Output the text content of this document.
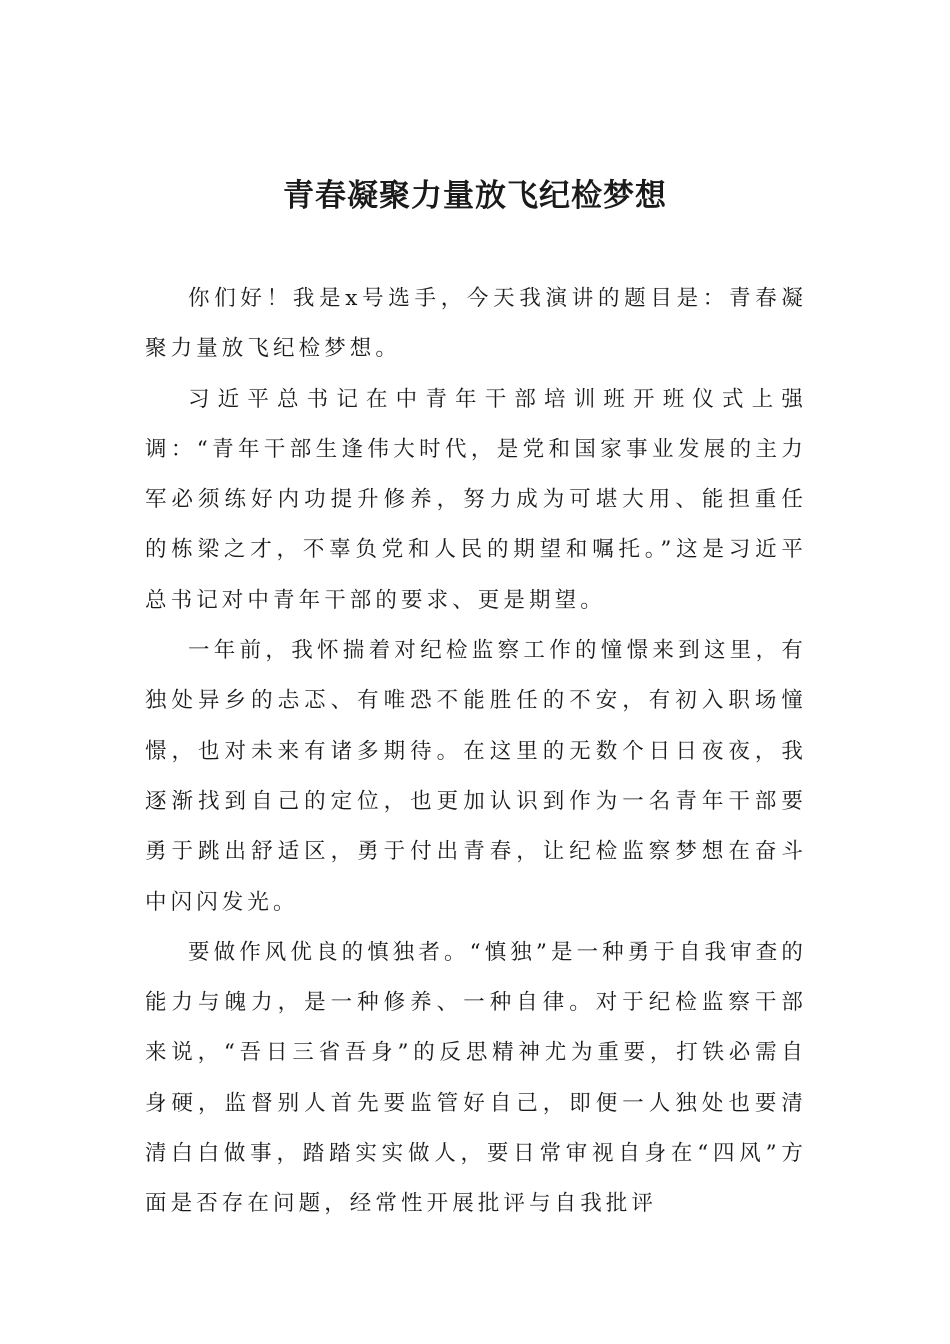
青春凝聚力量放飞纪检梦想

你们好！我是x号选手，今天我演讲的题目是：青春凝聚力量放飞纪检梦想。

习近平总书记在中青年干部培训班开班仪式上强调：“青年干部生逢伟大时代，是党和国家事业发展的主力军必须练好内功提升修养，努力成为可堪大用、能担重任的栋梁之才，不辜负党和人民的期望和嘱托。”这是习近平总书记对中青年干部的要求、更是期望。

一年前，我怀揣着对纪检监察工作的憧憬来到这里，有独处异乡的忐忑、有唯恐不能胜任的不安，有初入职场憧憬，也对未来有诸多期待。在这里的无数个日日夜夜，我逐渐找到自己的定位，也更加认识到作为一名青年干部要勇于跳出舒适区，勇于付出青春，让纪检监察梦想在奋斗中闪闪发光。

要做作风优良的慎独者。“慎独”是一种勇于自我审查的能力与魄力，是一种修养、一种自律。对于纪检监察干部来说，“吾日三省吾身”的反思精神尤为重要，打铁必需自身硬，监督别人首先要监管好自己，即便一人独处也要清清白白做事，踏踏实实做人，要日常审视自身在“四风”方面是否存在问题，经常性开展批评与自我批评
